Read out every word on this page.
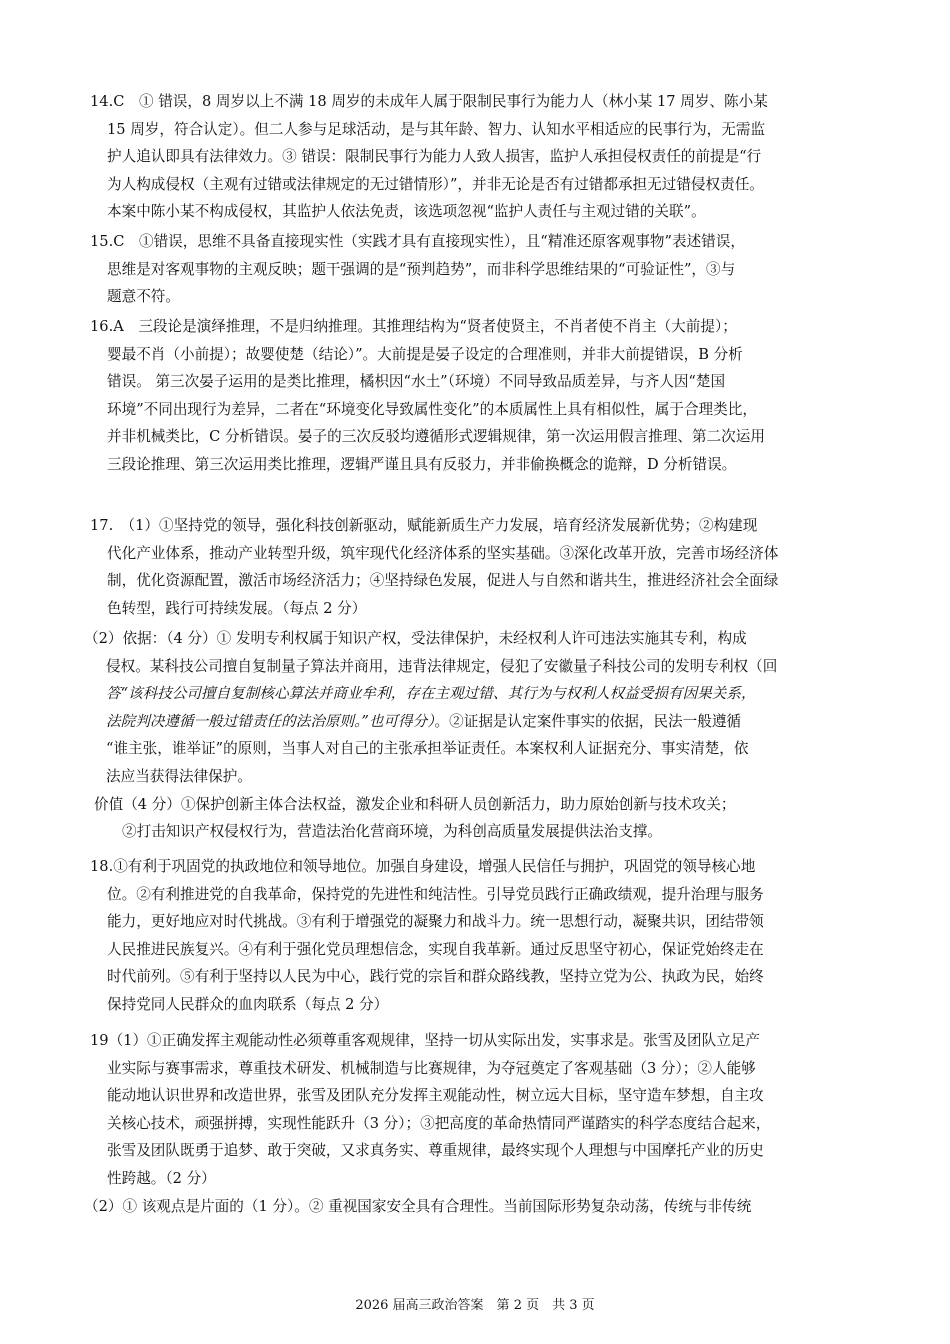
14.C　① 错误，8 周岁以上不满 18 周岁的未成年人属于限制民事行为能力人（林小某 17 周岁、陈小某
15 周岁，符合认定）。但二人参与足球活动，是与其年龄、智力、认知水平相适应的民事行为，无需监
护人追认即具有法律效力。③ 错误：限制民事行为能力人致人损害，监护人承担侵权责任的前提是“行
为人构成侵权（主观有过错或法律规定的无过错情形）”，并非无论是否有过错都承担无过错侵权责任。
本案中陈小某不构成侵权，其监护人依法免责，该选项忽视“监护人责任与主观过错的关联”。
15.C　①错误，思维不具备直接现实性（实践才具有直接现实性），且“精准还原客观事物”表述错误，
思维是对客观事物的主观反映；题干强调的是“预判趋势”，而非科学思维结果的“可验证性”，③与
题意不符。
16.A　三段论是演绎推理，不是归纳推理。其推理结构为“贤者使贤主，不肖者使不肖主（大前提）；
婴最不肖（小前提）；故婴使楚（结论）”。大前提是晏子设定的合理准则，并非大前提错误，B 分析
错误。 第三次晏子运用的是类比推理，橘枳因“水土”（环境）不同导致品质差异，与齐人因“楚国
环境”不同出现行为差异，二者在“环境变化导致属性变化”的本质属性上具有相似性，属于合理类比，
并非机械类比，C 分析错误。晏子的三次反驳均遵循形式逻辑规律，第一次运用假言推理、第二次运用
三段论推理、第三次运用类比推理，逻辑严谨且具有反驳力，并非偷换概念的诡辩，D 分析错误。
17.　（1）①坚持党的领导，强化科技创新驱动，赋能新质生产力发展，培育经济发展新优势；②构建现
代化产业体系，推动产业转型升级，筑牢现代化经济体系的坚实基础。③深化改革开放，完善市场经济体
制，优化资源配置，激活市场经济活力；④坚持绿色发展，促进人与自然和谐共生，推进经济社会全面绿
色转型，践行可持续发展。（每点 2 分）
（2）依据：（4 分）① 发明专利权属于知识产权，受法律保护，未经权利人许可违法实施其专利，构成
侵权。某科技公司擅自复制量子算法并商用，违背法律规定，侵犯了安徽量子科技公司的发明专利权（回
答“该科技公司擅自复制核心算法并商业牟利，存在主观过错、其行为与权利人权益受损有因果关系，
法院判决遵循一般过错责任的法治原则。”也可得分）。②证据是认定案件事实的依据，民法一般遵循
“谁主张，谁举证”的原则，当事人对自己的主张承担举证责任。本案权利人证据充分、事实清楚，依
法应当获得法律保护。
价值（4 分）①保护创新主体合法权益，激发企业和科研人员创新活力，助力原始创新与技术攻关；
②打击知识产权侵权行为，营造法治化营商环境，为科创高质量发展提供法治支撑。
18.①有利于巩固党的执政地位和领导地位。加强自身建设，增强人民信任与拥护，巩固党的领导核心地
位。②有利推进党的自我革命，保持党的先进性和纯洁性。引导党员践行正确政绩观，提升治理与服务
能力，更好地应对时代挑战。③有利于增强党的凝聚力和战斗力。统一思想行动，凝聚共识，团结带领
人民推进民族复兴。④有利于强化党员理想信念，实现自我革新。通过反思坚守初心，保证党始终走在
时代前列。⑤有利于坚持以人民为中心，践行党的宗旨和群众路线教，坚持立党为公、执政为民，始终
保持党同人民群众的血肉联系（每点 2 分）
19（1）①正确发挥主观能动性必须尊重客观规律，坚持一切从实际出发，实事求是。张雪及团队立足产
业实际与赛事需求，尊重技术研发、机械制造与比赛规律，为夺冠奠定了客观基础（3 分）；②人能够
能动地认识世界和改造世界，张雪及团队充分发挥主观能动性，树立远大目标，坚守造车梦想，自主攻
关核心技术，顽强拼搏，实现性能跃升（3 分）；③把高度的革命热情同严谨踏实的科学态度结合起来，
张雪及团队既勇于追梦、敢于突破，又求真务实、尊重规律，最终实现个人理想与中国摩托产业的历史
性跨越。（2 分）
（2）① 该观点是片面的（1 分）。② 重视国家安全具有合理性。当前国际形势复杂动荡，传统与非传统
2026 届高三政治答案　第 2 页　共 3 页
